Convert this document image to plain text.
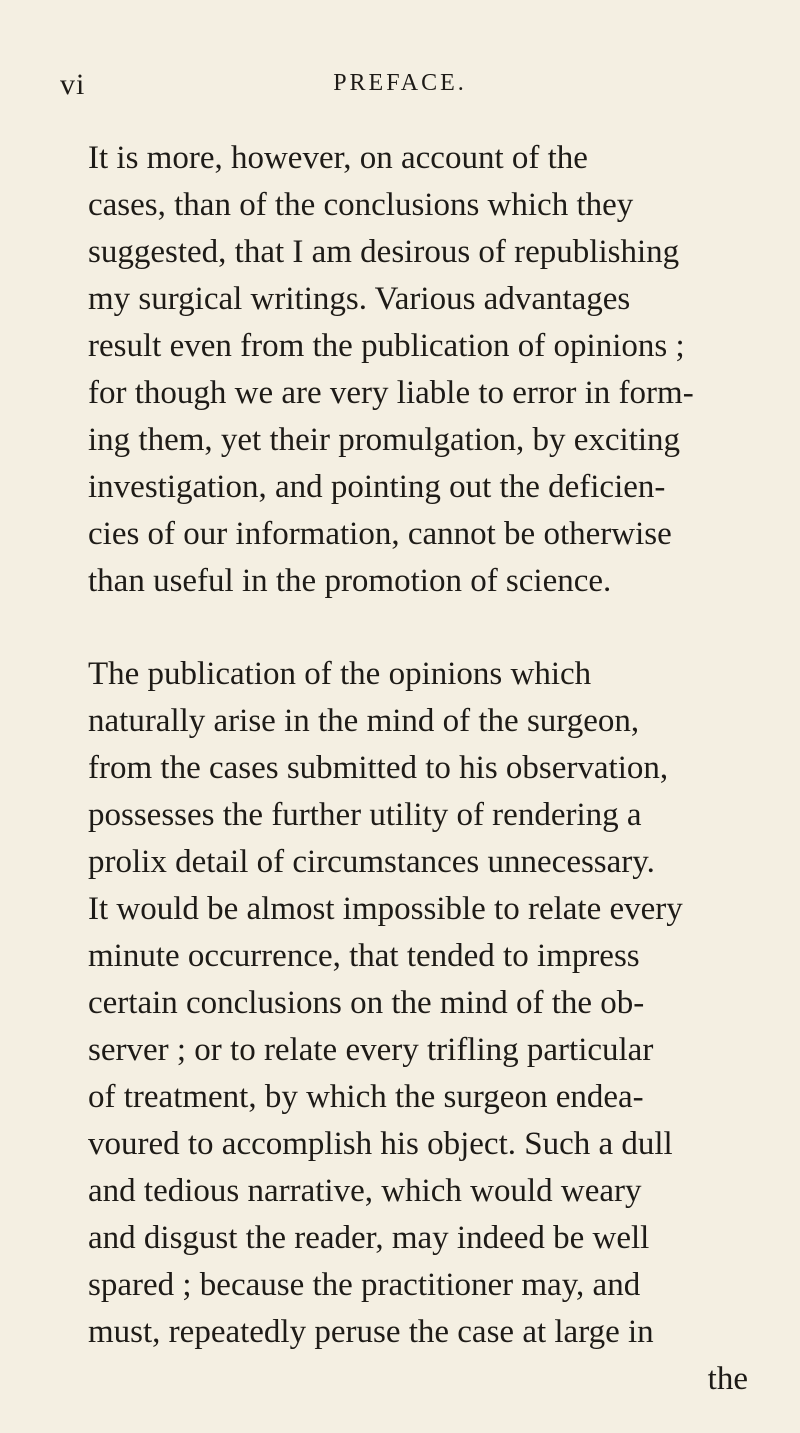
vi	PREFACE.
It is more, however, on account of the
cases, than of the conclusions which they
suggested, that I am desirous of republishing
my surgical writings. Various advantages
result even from the publication of opinions ;
for though we are very liable to error in form-
ing them, yet their promulgation, by exciting
investigation, and pointing out the deficien-
cies of our information, cannot be otherwise
than useful in the promotion of science.
The publication of the opinions which
naturally arise in the mind of the surgeon,
from the cases submitted to his observation,
possesses the further utility of rendering a
prolix detail of circumstances unnecessary.
It would be almost impossible to relate every
minute occurrence, that tended to impress
certain conclusions on the mind of the ob-
server ; or to relate every trifling particular
of treatment, by which the surgeon endea-
voured to accomplish his object. Such a dull
and tedious narrative, which would weary
and disgust the reader, may indeed be well
spared ; because the practitioner may, and
must, repeatedly peruse the case at large in
the
